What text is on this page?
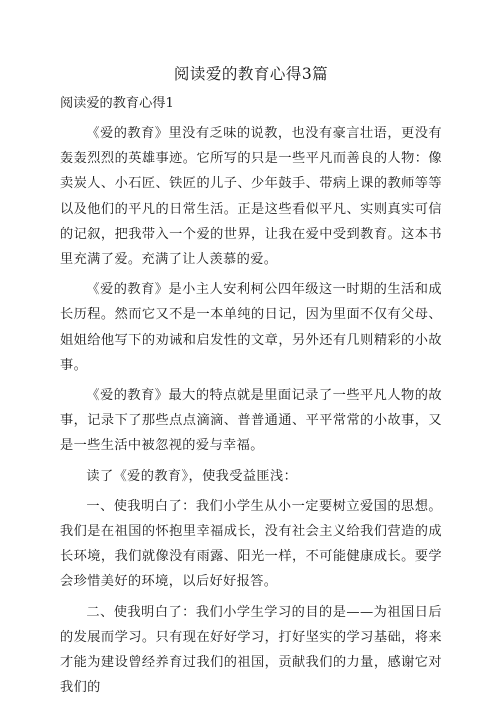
阅读爱的教育心得3篇
阅读爱的教育心得1

《爱的教育》里没有乏味的说教，也没有豪言壮语，更没有轰轰烈烈的英雄事迹。它所写的只是一些平凡而善良的人物：像卖炭人、小石匠、铁匠的儿子、少年鼓手、带病上课的教师等等以及他们的平凡的日常生活。正是这些看似平凡、实则真实可信的记叙，把我带入一个爱的世界，让我在爱中受到教育。这本书里充满了爱。充满了让人羡慕的爱。

《爱的教育》是小主人安利柯公四年级这一时期的生活和成长历程。然而它又不是一本单纯的日记，因为里面不仅有父母、姐姐给他写下的劝诫和启发性的文章，另外还有几则精彩的小故事。

《爱的教育》最大的特点就是里面记录了一些平凡人物的故事，记录下了那些点点滴滴、普普通通、平平常常的小故事，又是一些生活中被忽视的爱与幸福。

读了《爱的教育》，使我受益匪浅：

一、使我明白了：我们小学生从小一定要树立爱国的思想。我们是在祖国的怀抱里幸福成长，没有社会主义给我们营造的成长环境，我们就像没有雨露、阳光一样，不可能健康成长。要学会珍惜美好的环境，以后好好报答。

二、使我明白了：我们小学生学习的目的是——为祖国日后的发展而学习。只有现在好好学习，打好坚实的学习基础，将来才能为建设曾经养育过我们的祖国，贡献我们的力量，感谢它对我们的
